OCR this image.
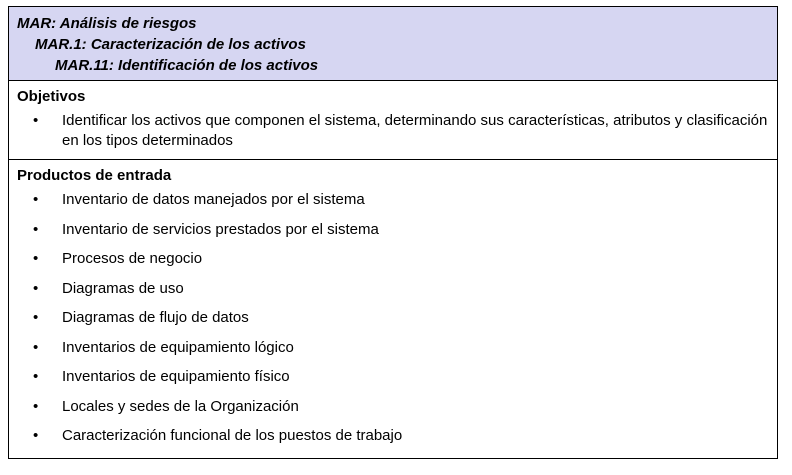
MAR: Análisis de riesgos
MAR.1: Caracterización de los activos
MAR.11: Identificación de los activos
Objetivos
• Identificar los activos que componen el sistema, determinando sus características, atributos y clasificación en los tipos determinados
Productos de entrada
• Inventario de datos manejados por el sistema
• Inventario de servicios prestados por el sistema
• Procesos de negocio
• Diagramas de uso
• Diagramas de flujo de datos
• Inventarios de equipamiento lógico
• Inventarios de equipamiento físico
• Locales y sedes de la Organización
• Caracterización funcional de los puestos de trabajo
